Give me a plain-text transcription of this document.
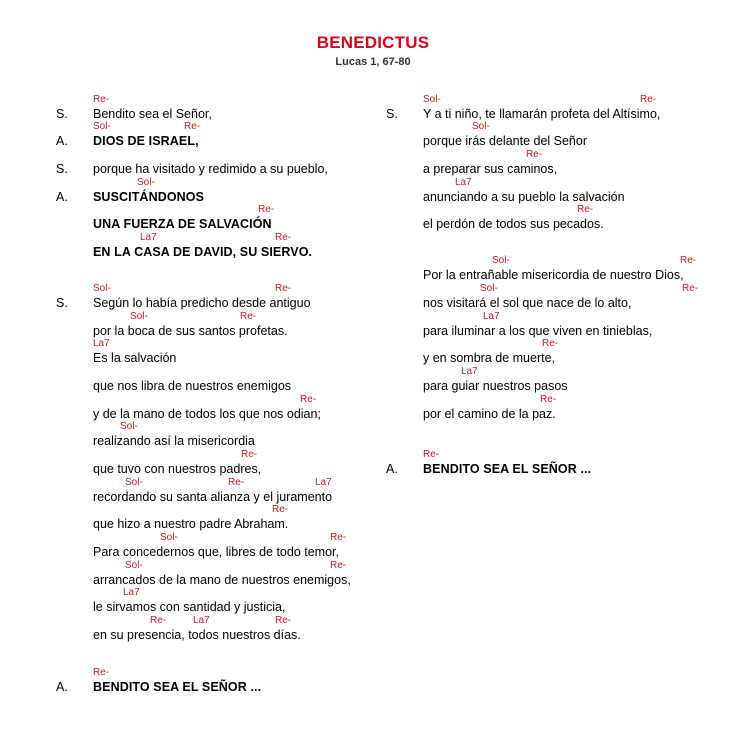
BENEDICTUS
Lucas 1, 67-80
S. Bendito sea el Señor,
Re-
A. DIOS DE ISRAEL,
Sol-	Re-
S. porque ha visitado y redimido a su pueblo,
A. SUSCITÁNDONOS
Sol-
UNA FUERZA DE SALVACIÓN
Re-
EN LA CASA DE DAVID, SU SIERVO.
La7	Re-
S. Según lo había predicho desde antiguo
Sol-	Re-
por la boca de sus santos profetas.
Sol-	Re-
Es la salvación
La7
que nos libra de nuestros enemigos
y de la mano de todos los que nos odian;
Re-
realizando así la misericordia
Sol-
que tuvo con nuestros padres,
Re-
recordando su santa alianza y el juramento
Sol-	Re-	La7
que hizo a nuestro padre Abraham.
Re-
Para concedernos que, libres de todo temor,
Sol-	Re-
arrancados de la mano de nuestros enemigos,
Sol-	Re-
le sirvamos con santidad y justicia,
La7
en su presencia, todos nuestros días.
Re-	La7	Re-
A. BENDITO SEA EL SEÑOR ...
Re-
S. Y a ti niño, te llamarán profeta del Altísimo,
Sol-	Re-
porque irás delante del Señor
Sol-
a preparar sus caminos,
Re-
anunciando a su pueblo la salvación
La7
el perdón de todos sus pecados.
Re-
Por la entrañable misericordia de nuestro Dios,
Sol-	Re-
nos visitará el sol que nace de lo alto,
Sol-	Re-
para iluminar a los que viven en tinieblas,
La7
y en sombra de muerte,
Re-
para guiar nuestros pasos
La7
por el camino de la paz.
Re-
A. BENDITO SEA EL SEÑOR ...
Re-
